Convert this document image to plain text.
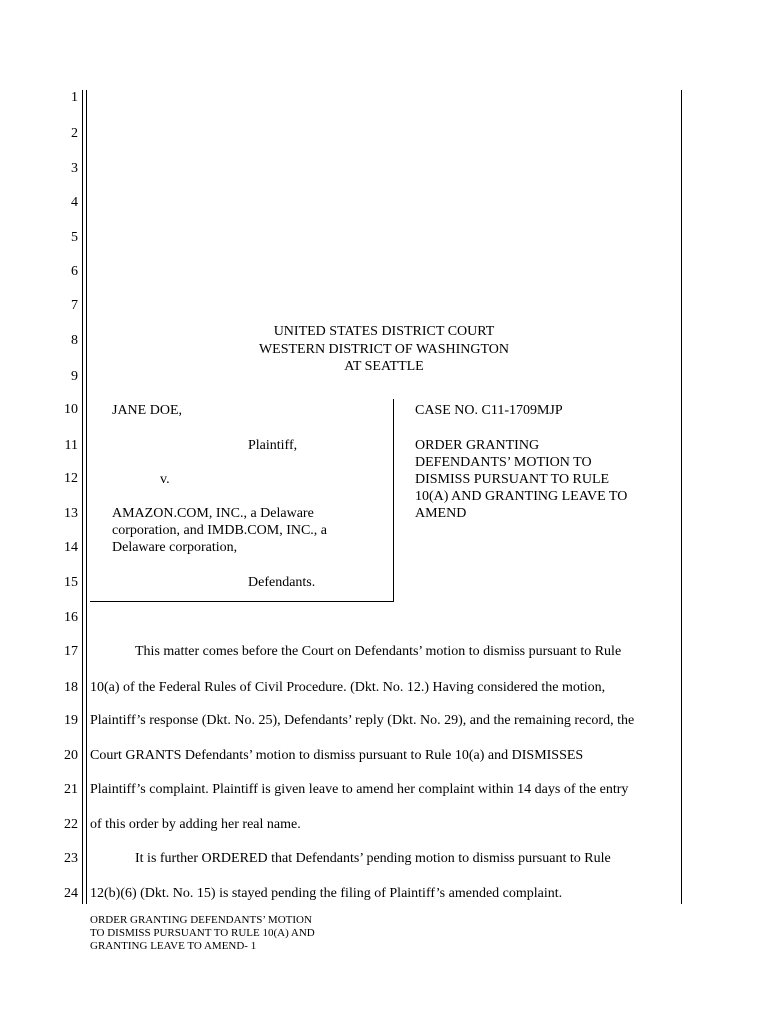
1
2
3
4
5
6
7
8
9
10
11
12
13
14
15
16
17
18
19
20
21
22
23
24
UNITED STATES DISTRICT COURT
WESTERN DISTRICT OF WASHINGTON
AT SEATTLE
JANE DOE,
Plaintiff,
v.
AMAZON.COM, INC., a Delaware
corporation, and IMDB.COM, INC., a
Delaware corporation,
Defendants.
CASE NO. C11-1709MJP
ORDER GRANTING
DEFENDANTS’ MOTION TO
DISMISS PURSUANT TO RULE
10(A) AND GRANTING LEAVE TO
AMEND
This matter comes before the Court on Defendants’ motion to dismiss pursuant to Rule
10(a) of the Federal Rules of Civil Procedure. (Dkt. No. 12.) Having considered the motion,
Plaintiff’s response (Dkt. No. 25), Defendants’ reply (Dkt. No. 29), and the remaining record, the
Court GRANTS Defendants’ motion to dismiss pursuant to Rule 10(a) and DISMISSES
Plaintiff’s complaint. Plaintiff is given leave to amend her complaint within 14 days of the entry
of this order by adding her real name.
It is further ORDERED that Defendants’ pending motion to dismiss pursuant to Rule
12(b)(6) (Dkt. No. 15) is stayed pending the filing of Plaintiff’s amended complaint.
ORDER GRANTING DEFENDANTS’ MOTION
TO DISMISS PURSUANT TO RULE 10(A) AND
GRANTING LEAVE TO AMEND- 1
